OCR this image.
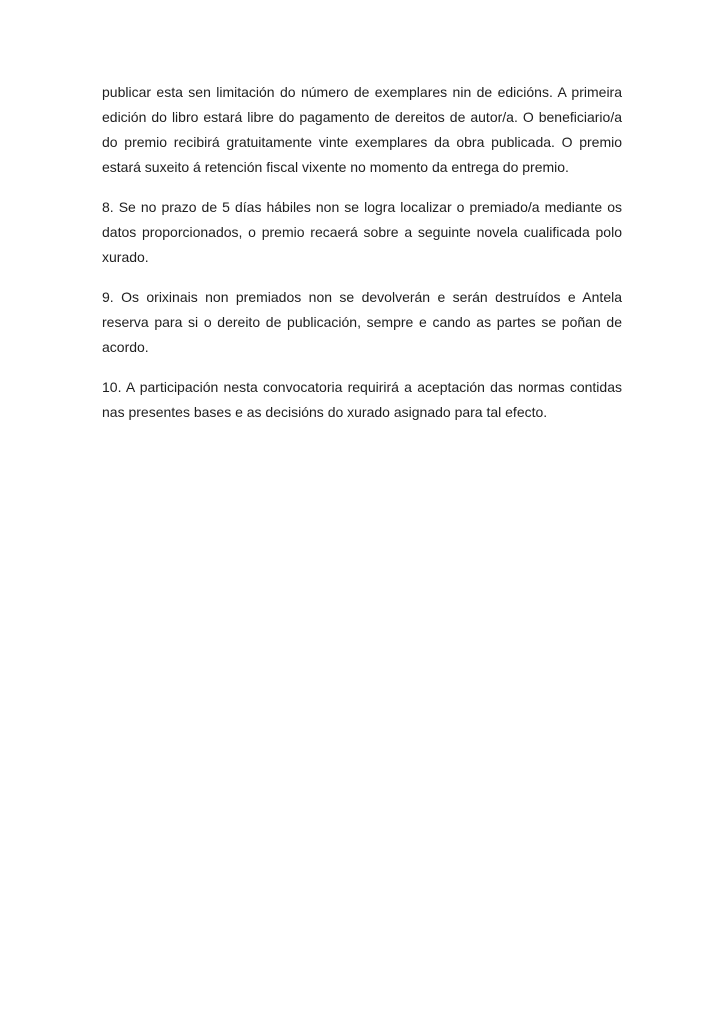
publicar esta sen limitación do número de exemplares nin de edicións. A primeira edición do libro estará libre do pagamento de dereitos de autor/a. O beneficiario/a do premio recibirá gratuitamente vinte exemplares da obra publicada. O premio estará suxeito á retención fiscal vixente no momento da entrega do premio.

8. Se no prazo de 5 días hábiles non se logra localizar o premiado/a mediante os datos proporcionados, o premio recaerá sobre a seguinte novela cualificada polo xurado.

9. Os orixinais non premiados non se devolverán e serán destruídos e Antela reserva para si o dereito de publicación, sempre e cando as partes se poñan de acordo.

10. A participación nesta convocatoria requirirá a aceptación das normas contidas nas presentes bases e as decisións do xurado asignado para tal efecto.
